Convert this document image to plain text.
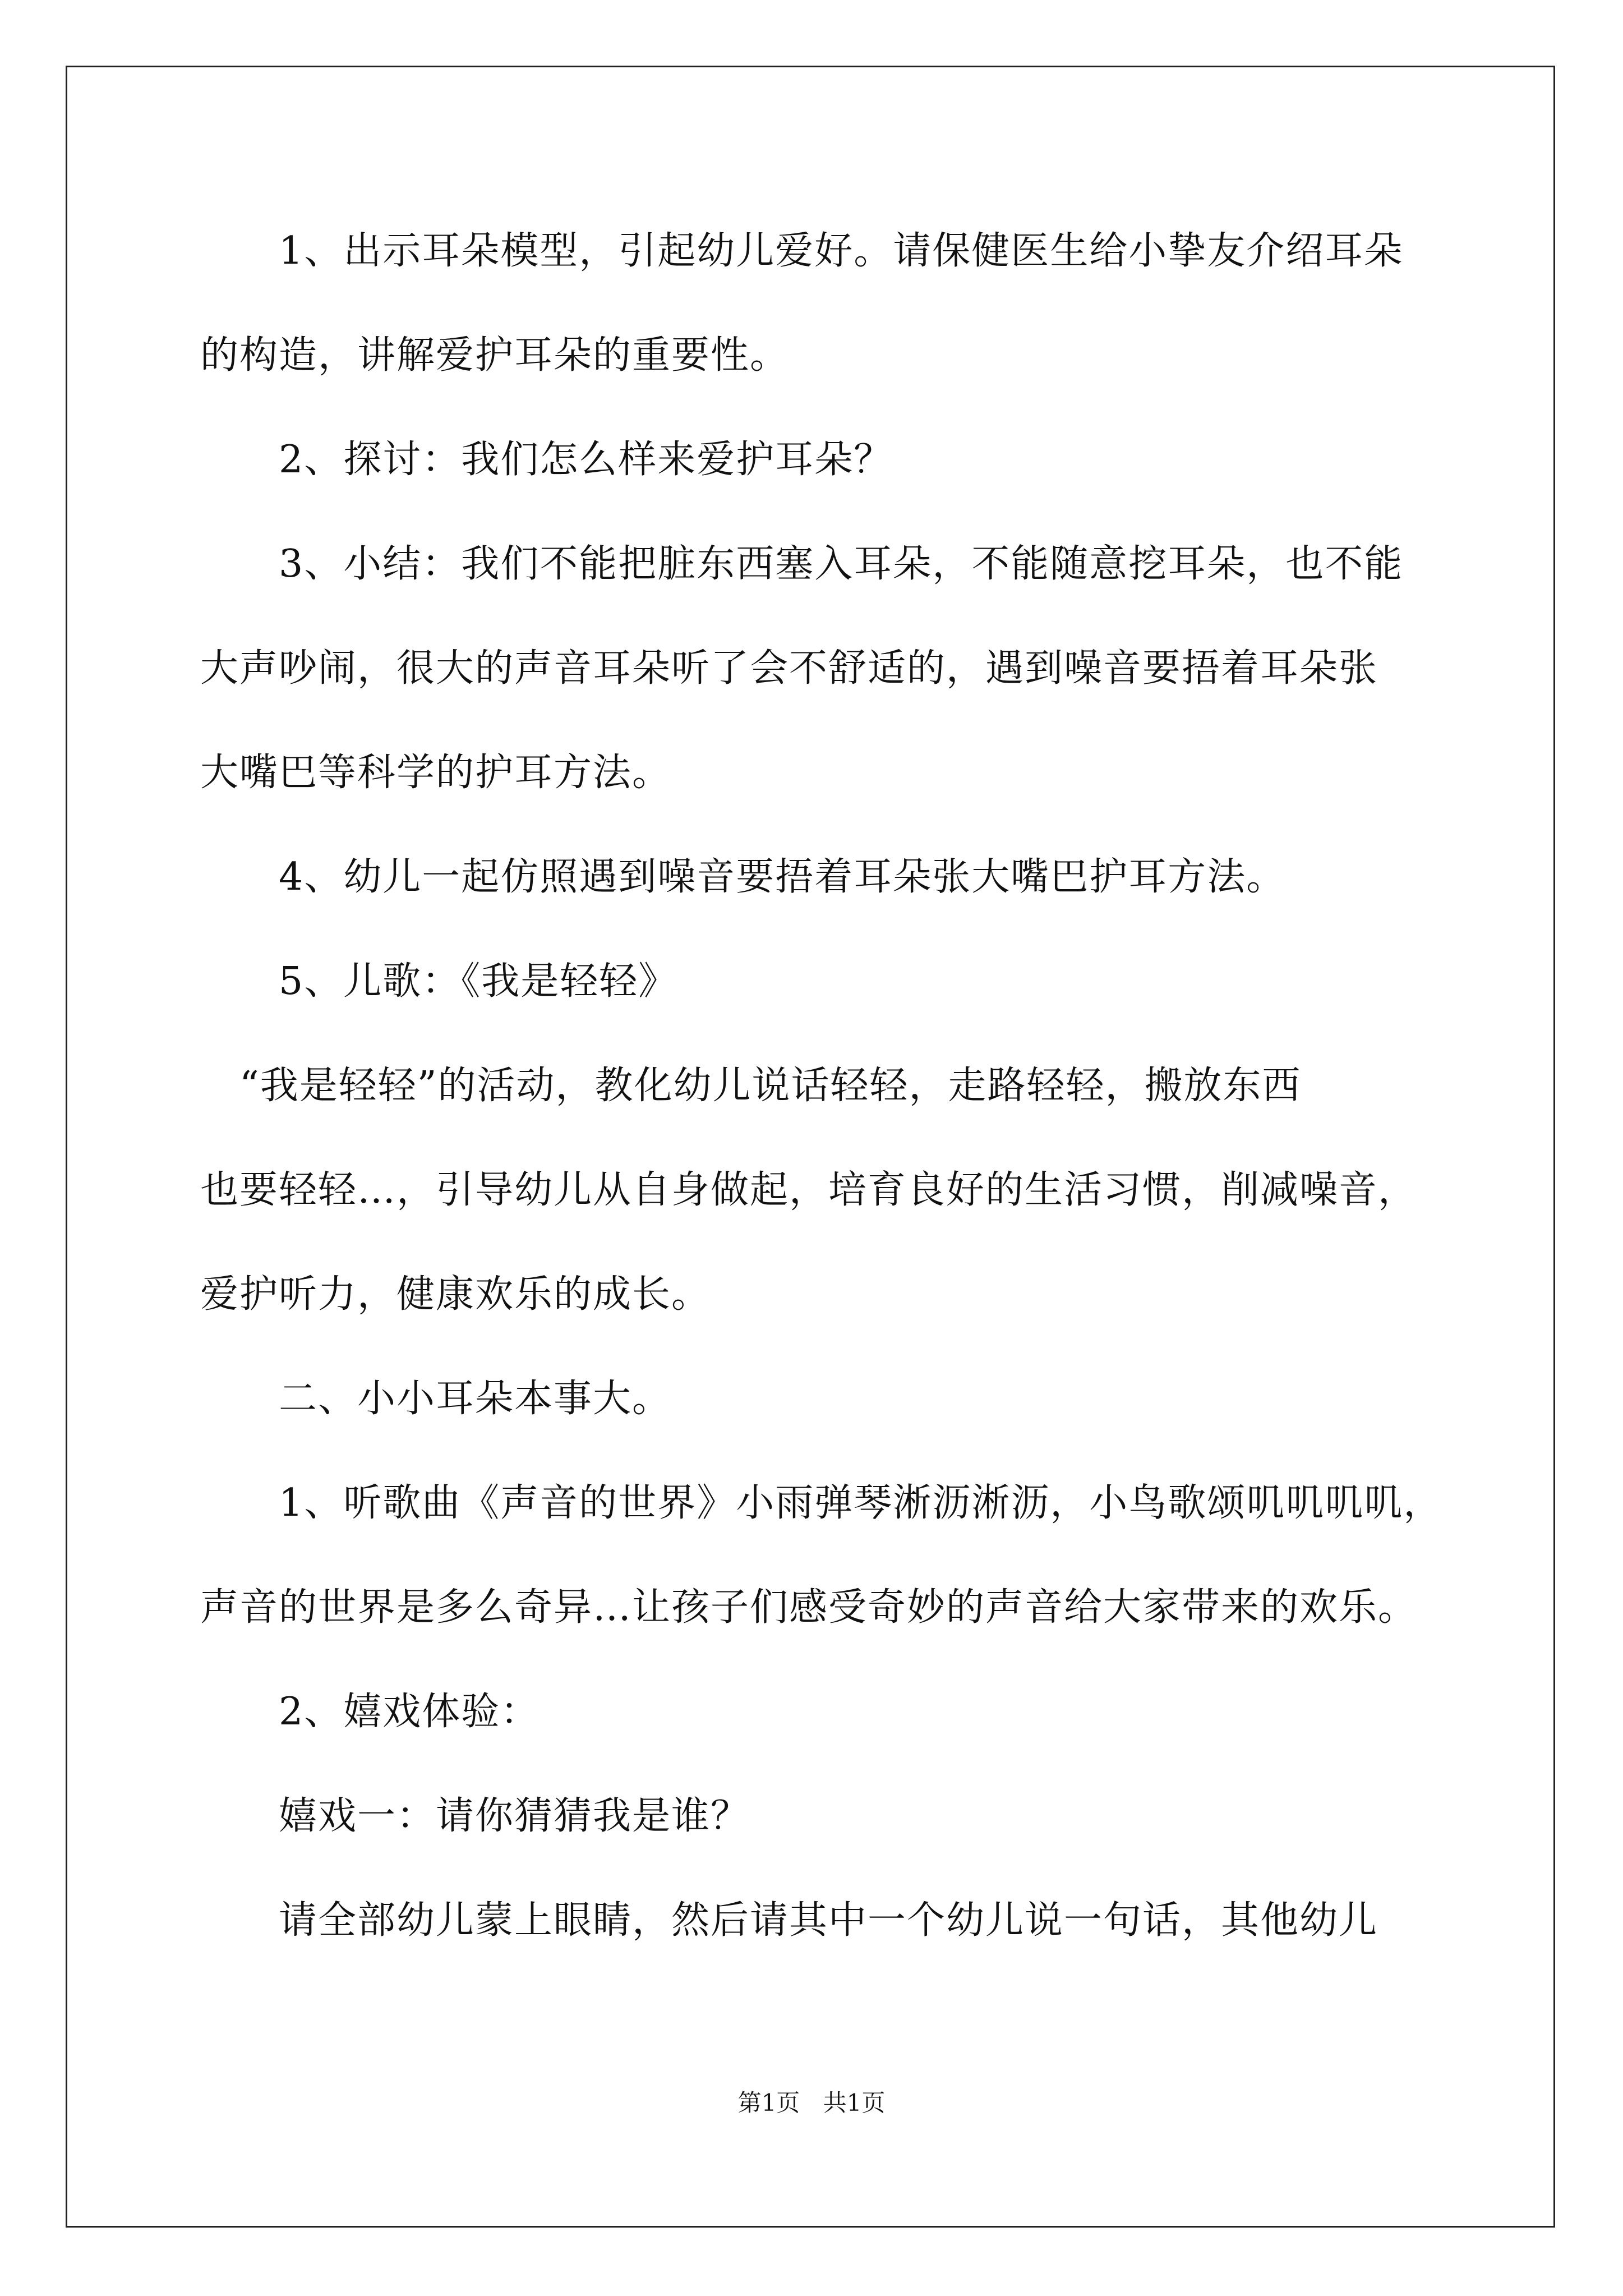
　　1、出示耳朵模型，引起幼儿爱好。请保健医生给小挚友介绍耳朵
的构造，讲解爱护耳朵的重要性。
　　2、探讨：我们怎么样来爱护耳朵？
　　3、小结：我们不能把脏东西塞入耳朵，不能随意挖耳朵，也不能
大声吵闹，很大的声音耳朵听了会不舒适的，遇到噪音要捂着耳朵张
大嘴巴等科学的护耳方法。
　　4、幼儿一起仿照遇到噪音要捂着耳朵张大嘴巴护耳方法。
　　5、儿歌：《我是轻轻》
　“我是轻轻”的活动，教化幼儿说话轻轻，走路轻轻，搬放东西
也要轻轻…，引导幼儿从自身做起，培育良好的生活习惯，削减噪音，
爱护听力，健康欢乐的成长。
　　二、小小耳朵本事大。
　　1、听歌曲《声音的世界》小雨弹琴淅沥淅沥，小鸟歌颂叽叽叽叽，
声音的世界是多么奇异…让孩子们感受奇妙的声音给大家带来的欢乐。
　　2、嬉戏体验：
　　嬉戏一：请你猜猜我是谁？
　　请全部幼儿蒙上眼睛，然后请其中一个幼儿说一句话，其他幼儿
第1页 共1页
